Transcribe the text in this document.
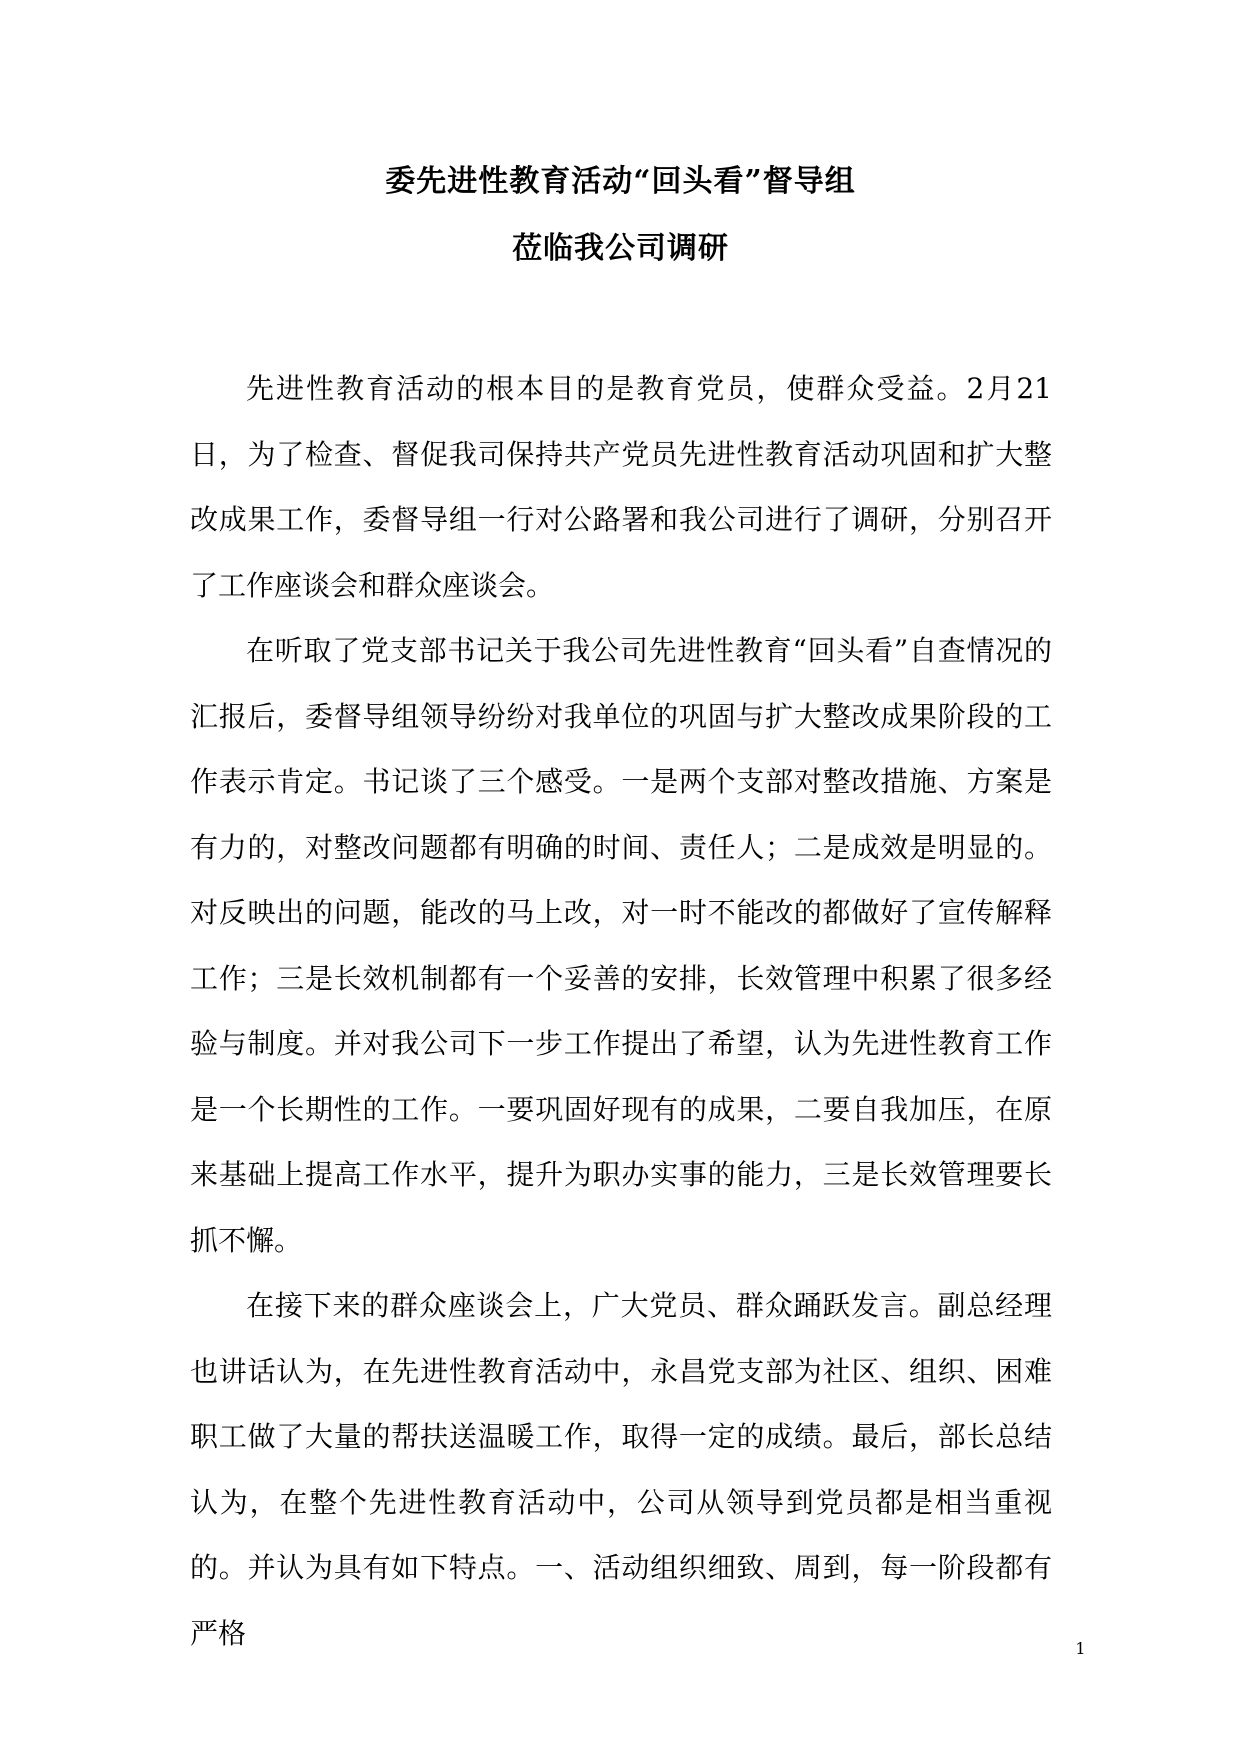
委先进性教育活动“回头看”督导组
莅临我公司调研

先进性教育活动的根本目的是教育党员，使群众受益。2月21日，为了检查、督促我司保持共产党员先进性教育活动巩固和扩大整改成果工作，委督导组一行对公路署和我公司进行了调研，分别召开了工作座谈会和群众座谈会。

在听取了党支部书记关于我公司先进性教育“回头看”自查情况的汇报后，委督导组领导纷纷对我单位的巩固与扩大整改成果阶段的工作表示肯定。书记谈了三个感受。一是两个支部对整改措施、方案是有力的，对整改问题都有明确的时间、责任人；二是成效是明显的。对反映出的问题，能改的马上改，对一时不能改的都做好了宣传解释工作；三是长效机制都有一个妥善的安排，长效管理中积累了很多经验与制度。并对我公司下一步工作提出了希望，认为先进性教育工作是一个长期性的工作。一要巩固好现有的成果，二要自我加压，在原来基础上提高工作水平，提升为职办实事的能力，三是长效管理要长抓不懈。

在接下来的群众座谈会上，广大党员、群众踊跃发言。副总经理也讲话认为，在先进性教育活动中，永昌党支部为社区、组织、困难职工做了大量的帮扶送温暖工作，取得一定的成绩。最后，部长总结认为，在整个先进性教育活动中，公司从领导到党员都是相当重视的。并认为具有如下特点。一、活动组织细致、周到，每一阶段都有严格	1
